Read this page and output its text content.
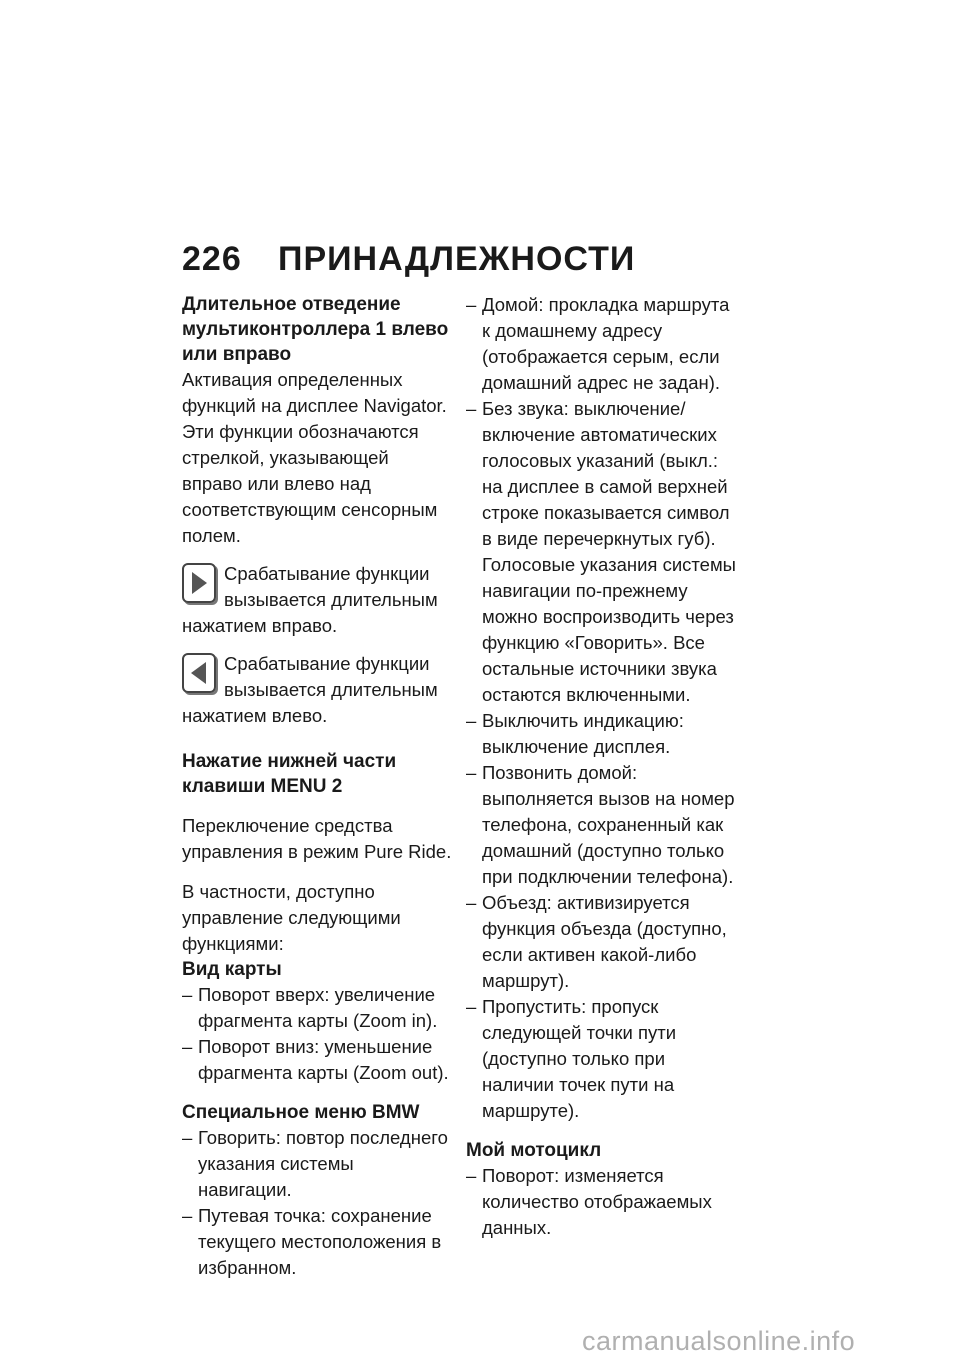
226 ПРИНАДЛЕЖНОСТИ
Длительное отведение мультиконтроллера 1 влево или вправо

Активация определенных функций на дисплее Navigator. Эти функции обозначаются стрелкой, указывающей вправо или влево над соответствующим сенсорным полем.

Срабатывание функции вызывается длительным нажатием вправо.
Срабатывание функции вызывается длительным нажатием влево.
Нажатие нижней части клавиши MENU 2

Переключение средства управления в режим Pure Ride.

В частности, доступно управление следующими функциями:

Вид карты
– Поворот вверх: увеличение фрагмента карты (Zoom in).
– Поворот вниз: уменьшение фрагмента карты (Zoom out).
Специальное меню BMW
– Говорить: повтор последнего указания системы навигации.
– Путевая точка: сохранение текущего местоположения в избранном.
– Домой: прокладка маршрута к домашнему адресу (отображается серым, если домашний адрес не задан).
– Без звука: выключение/включение автоматических голосовых указаний (выкл.: на дисплее в самой верхней строке показывается символ в виде перечеркнутых губ). Голосовые указания системы навигации по-прежнему можно воспроизводить через функцию «Говорить». Все остальные источники звука остаются включенными.
– Выключить индикацию: выключение дисплея.
– Позвонить домой: выполняется вызов на номер телефона, сохраненный как домашний (доступно только при подключении телефона).
– Объезд: активизируется функция объезда (доступно, если активен какой-либо маршрут).
– Пропустить: пропуск следующей точки пути (доступно только при наличии точек пути на маршруте).
Мой мотоцикл
– Поворот: изменяется количество отображаемых данных.
carmanualsonline.info
